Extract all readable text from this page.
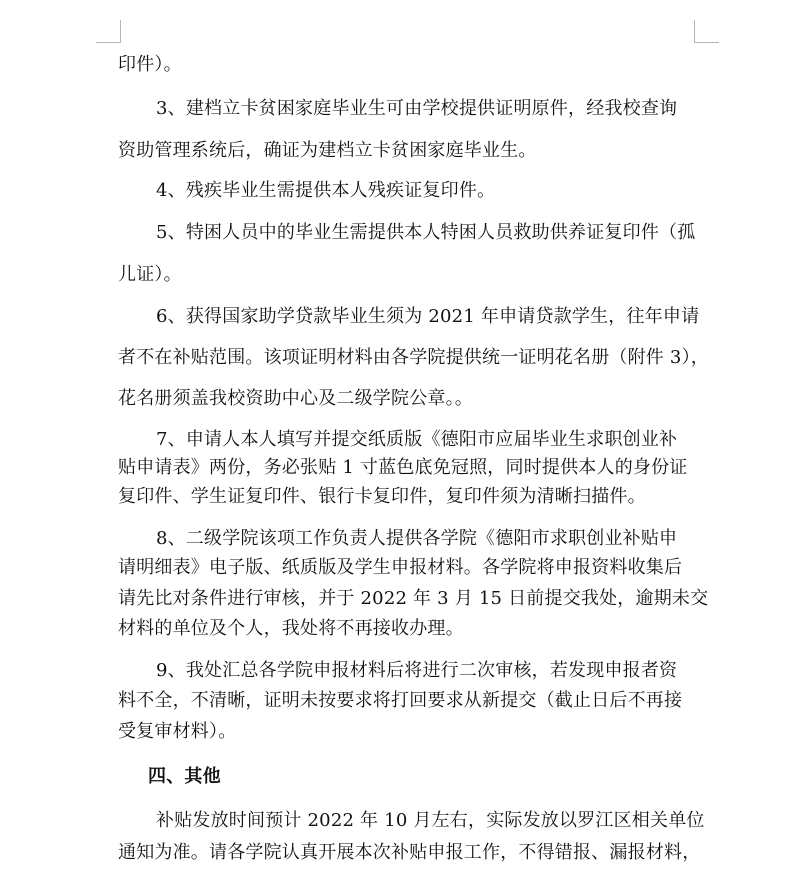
印件）。
3、建档立卡贫困家庭毕业生可由学校提供证明原件，经我校查询
资助管理系统后，确证为建档立卡贫困家庭毕业生。
4、残疾毕业生需提供本人残疾证复印件。
5、特困人员中的毕业生需提供本人特困人员救助供养证复印件（孤
儿证）。
6、获得国家助学贷款毕业生须为 2021 年申请贷款学生，往年申请
者不在补贴范围。该项证明材料由各学院提供统一证明花名册（附件 3），
花名册须盖我校资助中心及二级学院公章。。
7、申请人本人填写并提交纸质版《德阳市应届毕业生求职创业补
贴申请表》两份，务必张贴 1 寸蓝色底免冠照，同时提供本人的身份证
复印件、学生证复印件、银行卡复印件，复印件须为清晰扫描件。
8、二级学院该项工作负责人提供各学院《德阳市求职创业补贴申
请明细表》电子版、纸质版及学生申报材料。各学院将申报资料收集后
请先比对条件进行审核，并于 2022 年 3 月 15 日前提交我处，逾期未交
材料的单位及个人，我处将不再接收办理。
9、我处汇总各学院申报材料后将进行二次审核，若发现申报者资
料不全，不清晰，证明未按要求将打回要求从新提交（截止日后不再接
受复审材料）。
四、其他
补贴发放时间预计 2022 年 10 月左右，实际发放以罗江区相关单位
通知为准。请各学院认真开展本次补贴申报工作，不得错报、漏报材料，
